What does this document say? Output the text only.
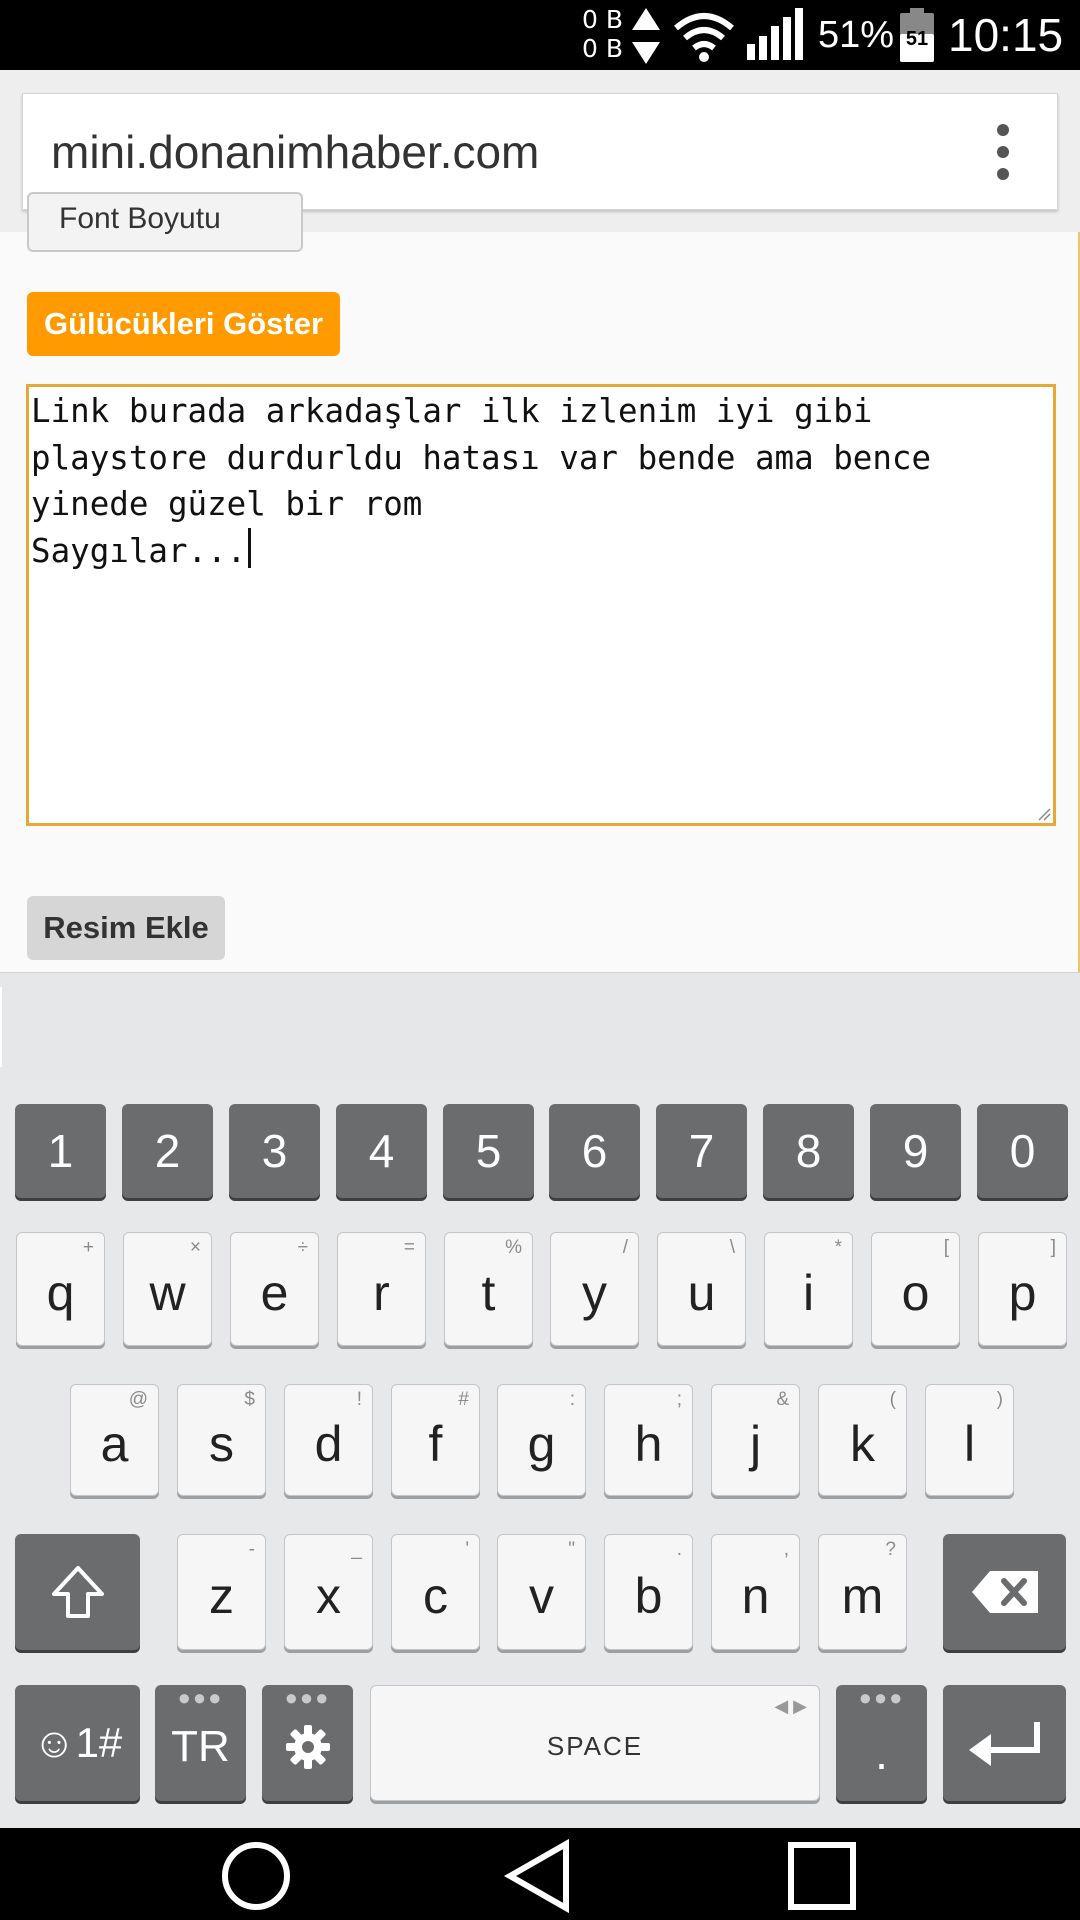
0 B
0 B	51% 51 10:15
mini.donanimhaber.com
Font Boyutu
Gülücükleri Göster
Link burada arkadaşlar ilk izlenim iyi gibi
playstore durdurldu hatası var bende ama bence
yinede güzel bir rom
Saygılar...

Resim Ekle
1 2 3 4 5 6 7 8 9 0
q
+
w
×
e
÷
r
=
t
%
y
/
u
\
i
*
o
[
p
]
a
@
s
$
d
!
f
#
g
:
h
;
j
&
k
(
l
)
z
-
x
_
c
'
v
"
b
.
n
,
m
?
☺1#
●●●
TR
●●●	◀ ▶
SPACE
●●●
.
